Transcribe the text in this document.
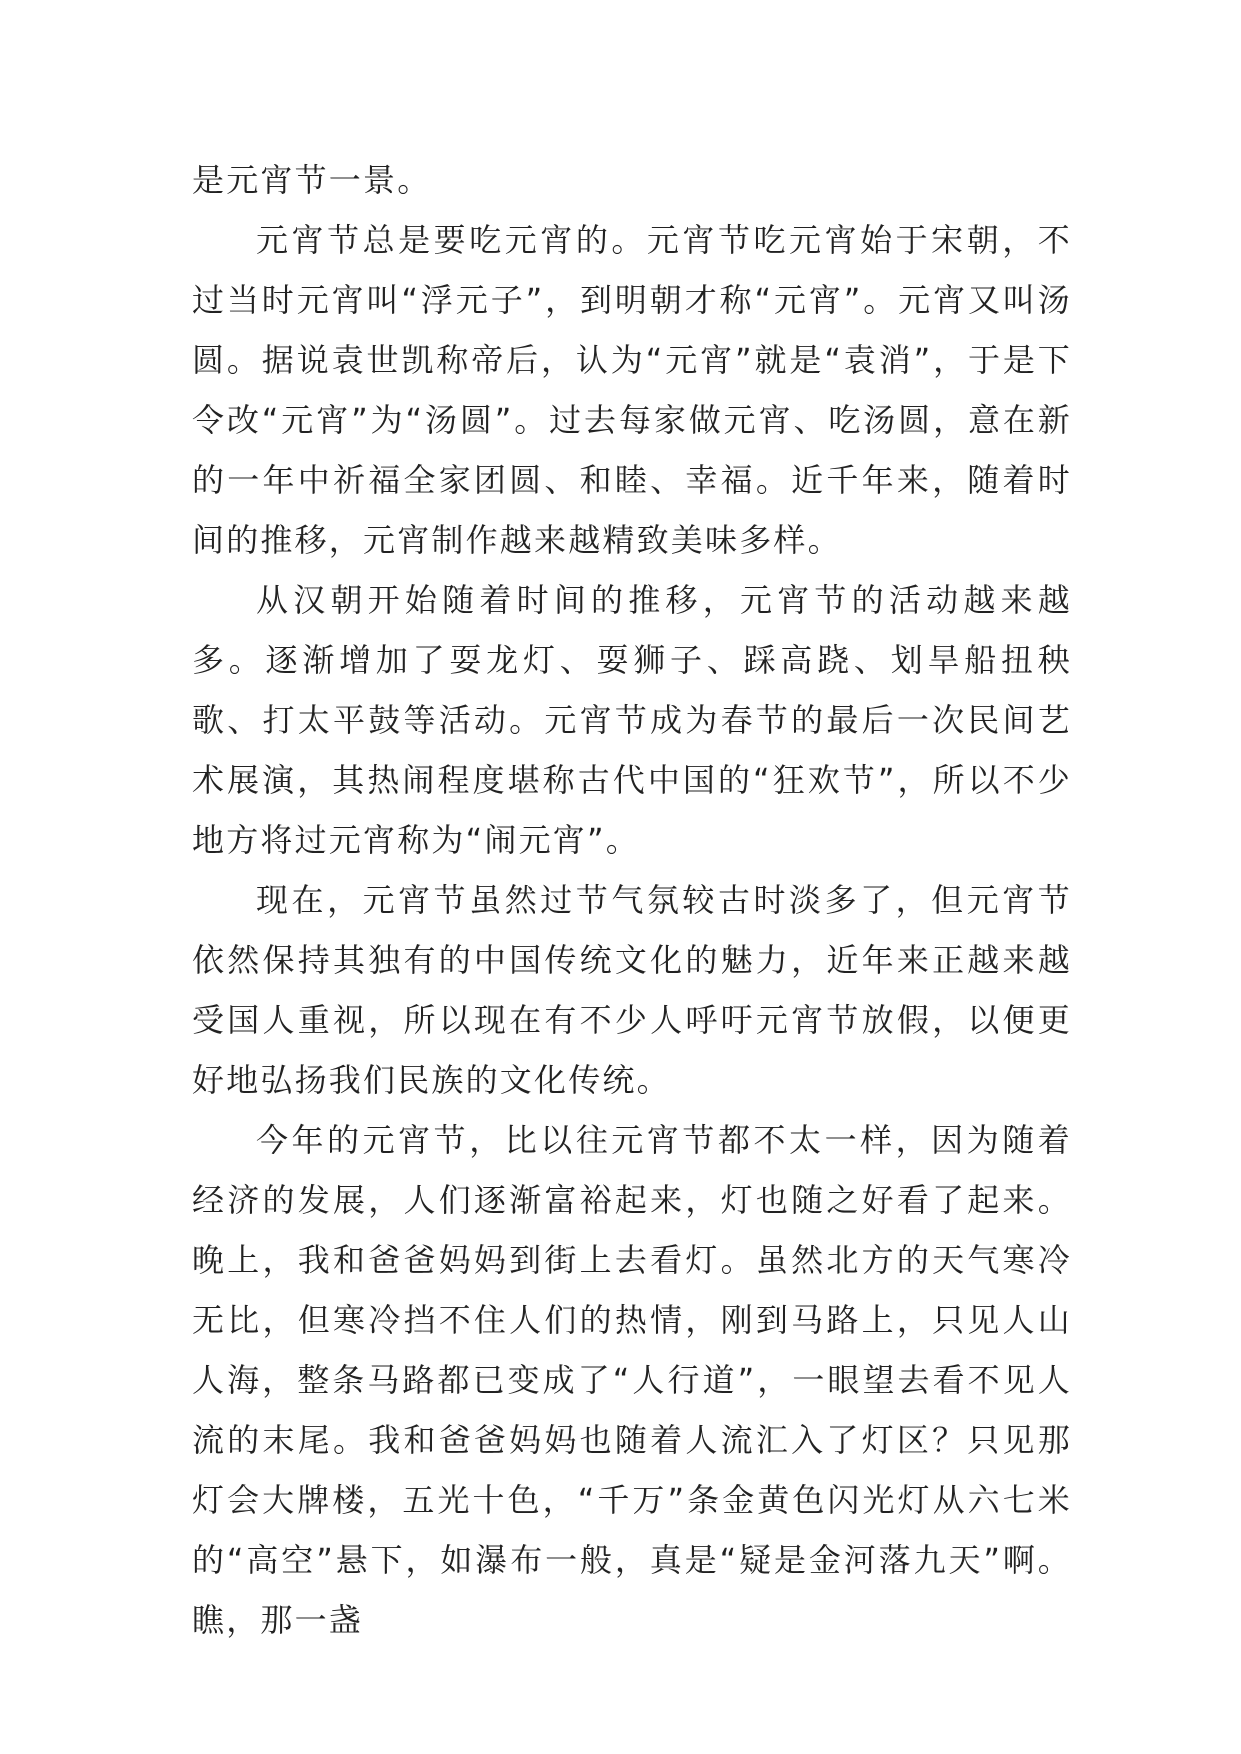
是元宵节一景。

元宵节总是要吃元宵的。元宵节吃元宵始于宋朝，不过当时元宵叫“浮元子”，到明朝才称“元宵”。元宵又叫汤圆。据说袁世凯称帝后，认为“元宵”就是“袁消”，于是下令改“元宵”为“汤圆”。过去每家做元宵、吃汤圆，意在新的一年中祈福全家团圆、和睦、幸福。近千年来，随着时间的推移，元宵制作越来越精致美味多样。

从汉朝开始随着时间的推移，元宵节的活动越来越多。逐渐增加了耍龙灯、耍狮子、踩高跷、划旱船扭秧歌、打太平鼓等活动。元宵节成为春节的最后一次民间艺术展演，其热闹程度堪称古代中国的“狂欢节”，所以不少地方将过元宵称为“闹元宵”。

现在，元宵节虽然过节气氛较古时淡多了，但元宵节依然保持其独有的中国传统文化的魅力，近年来正越来越受国人重视，所以现在有不少人呼吁元宵节放假，以便更好地弘扬我们民族的文化传统。

今年的元宵节，比以往元宵节都不太一样，因为随着经济的发展，人们逐渐富裕起来，灯也随之好看了起来。晚上，我和爸爸妈妈到街上去看灯。虽然北方的天气寒冷无比，但寒冷挡不住人们的热情，刚到马路上，只见人山人海，整条马路都已变成了“人行道”，一眼望去看不见人流的末尾。我和爸爸妈妈也随着人流汇入了灯区？只见那灯会大牌楼，五光十色，“千万”条金黄色闪光灯从六七米的“高空”悬下，如瀑布一般，真是“疑是金河落九天”啊。瞧，那一盏
